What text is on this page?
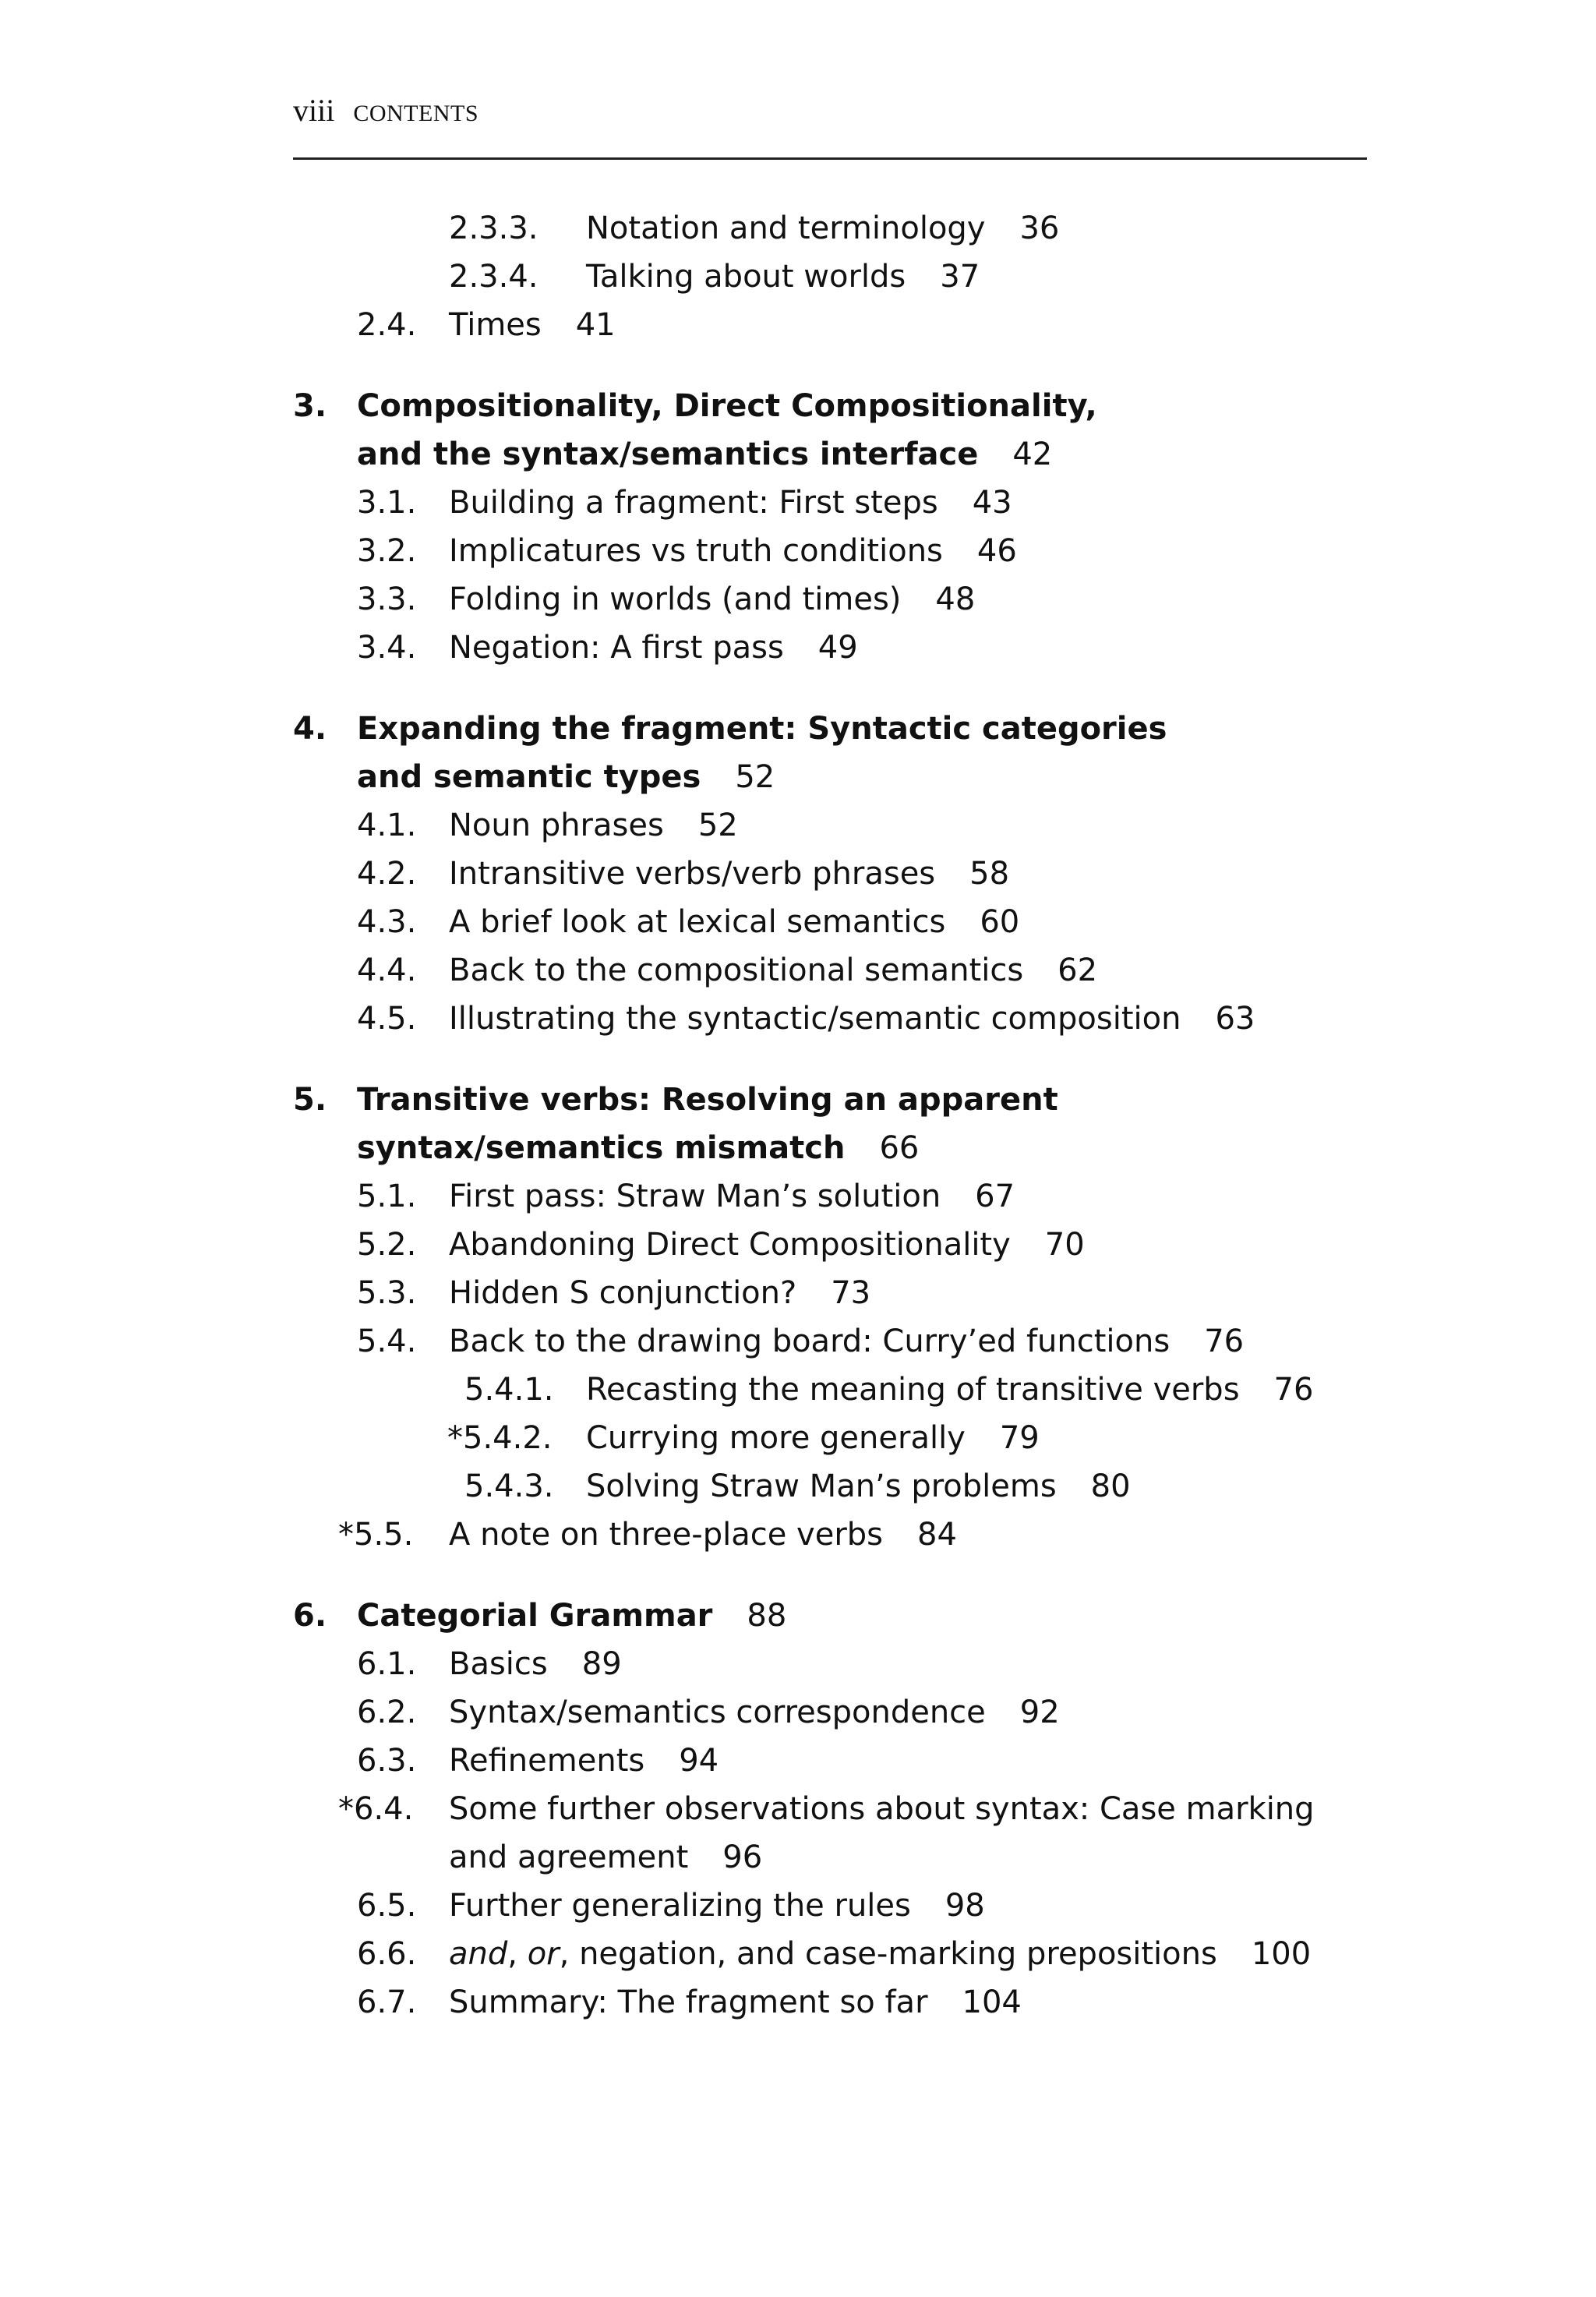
viii CONTENTS
2.3.3.	Notation and terminology 36
2.3.4.	Talking about worlds 37
2.4.	Times 41
3. Compositionality, Direct Compositionality,
and the syntax/semantics interface 42
3.1.	Building a fragment: First steps 43
3.2.	Implicatures vs truth conditions 46
3.3.	Folding in worlds (and times) 48
3.4.	Negation: A first pass 49
4. Expanding the fragment: Syntactic categories
and semantic types 52
4.1.	Noun phrases 52
4.2.	Intransitive verbs/verb phrases 58
4.3.	A brief look at lexical semantics 60
4.4.	Back to the compositional semantics 62
4.5.	Illustrating the syntactic/semantic composition 63
5. Transitive verbs: Resolving an apparent
syntax/semantics mismatch 66
5.1.	First pass: Straw Man’s solution 67
5.2.	Abandoning Direct Compositionality 70
5.3.	Hidden S conjunction? 73
5.4.	Back to the drawing board: Curry’ed functions 76
5.4.1.	Recasting the meaning of transitive verbs 76
*5.4.2.	Currying more generally 79
5.4.3.	Solving Straw Man’s problems 80
*5.5.	A note on three-place verbs 84
6. Categorial Grammar 88
6.1.	Basics 89
6.2.	Syntax/semantics correspondence 92
6.3.	Refinements 94
*6.4.	Some further observations about syntax: Case marking
and agreement 96
6.5.	Further generalizing the rules 98
6.6.	and, or, negation, and case-marking prepositions 100
6.7.	Summary: The fragment so far 104
